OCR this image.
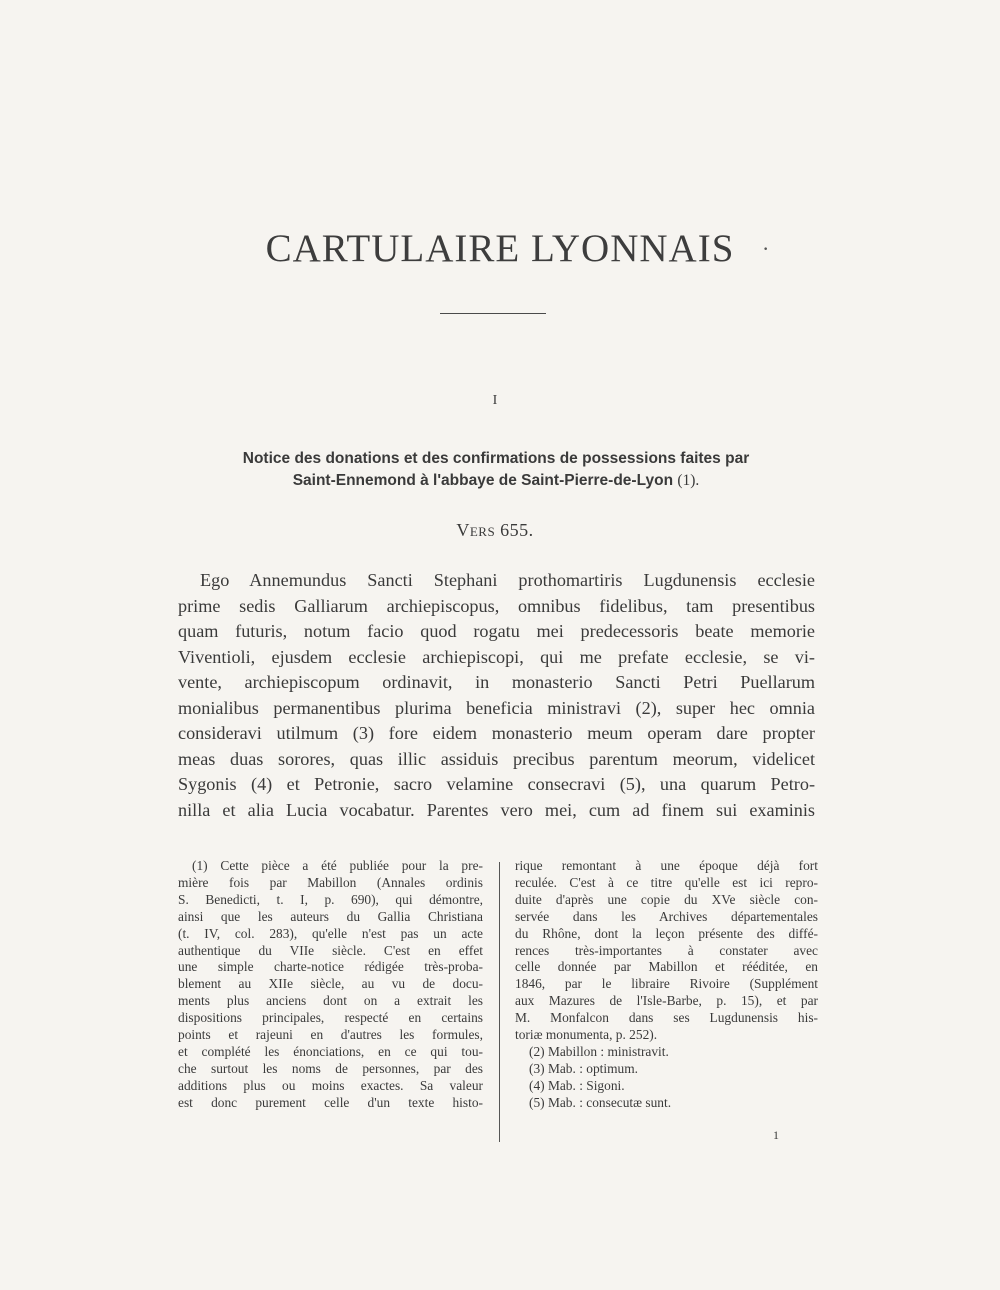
CARTULAIRE LYONNAIS	·
I
Notice des donations et des confirmations de possessions faites par
Saint-Ennemond à l'abbaye de Saint-Pierre-de-Lyon (1).
Vers 655.
Ego Annemundus Sancti Stephani prothomartiris Lugdunensis ecclesie
prime sedis Galliarum archiepiscopus, omnibus fidelibus, tam presentibus
quam futuris, notum facio quod rogatu mei predecessoris beate memorie
Viventioli, ejusdem ecclesie archiepiscopi, qui me prefate ecclesie, se vi-
vente, archiepiscopum ordinavit, in monasterio Sancti Petri Puellarum
monialibus permanentibus plurima beneficia ministravi (2), super hec omnia
consideravi utilmum (3) fore eidem monasterio meum operam dare propter
meas duas sorores, quas illic assiduis precibus parentum meorum, videlicet
Sygonis (4) et Petronie, sacro velamine consecravi (5), una quarum Petro-
nilla et alia Lucia vocabatur. Parentes vero mei, cum ad finem sui examinis
(1) Cette pièce a été publiée pour la pre-
mière fois par Mabillon (Annales ordinis
S. Benedicti, t. I, p. 690), qui démontre,
ainsi que les auteurs du Gallia Christiana
(t. IV, col. 283), qu'elle n'est pas un acte
authentique du VIIe siècle. C'est en effet
une simple charte-notice rédigée très-proba-
blement au XIIe siècle, au vu de docu-
ments plus anciens dont on a extrait les
dispositions principales, respecté en certains
points et rajeuni en d'autres les formules,
et complété les énonciations, en ce qui tou-
che surtout les noms de personnes, par des
additions plus ou moins exactes. Sa valeur
est donc purement celle d'un texte histo-
rique remontant à une époque déjà fort
reculée. C'est à ce titre qu'elle est ici repro-
duite d'après une copie du XVe siècle con-
servée dans les Archives départementales
du Rhône, dont la leçon présente des diffé-
rences très-importantes à constater avec
celle donnée par Mabillon et rééditée, en
1846, par le libraire Rivoire (Supplément
aux Mazures de l'Isle-Barbe, p. 15), et par
M. Monfalcon dans ses Lugdunensis his-
toriæ monumenta, p. 252).
(2) Mabillon : ministravit.
(3) Mab. : optimum.
(4) Mab. : Sigoni.
(5) Mab. : consecutæ sunt.
1
